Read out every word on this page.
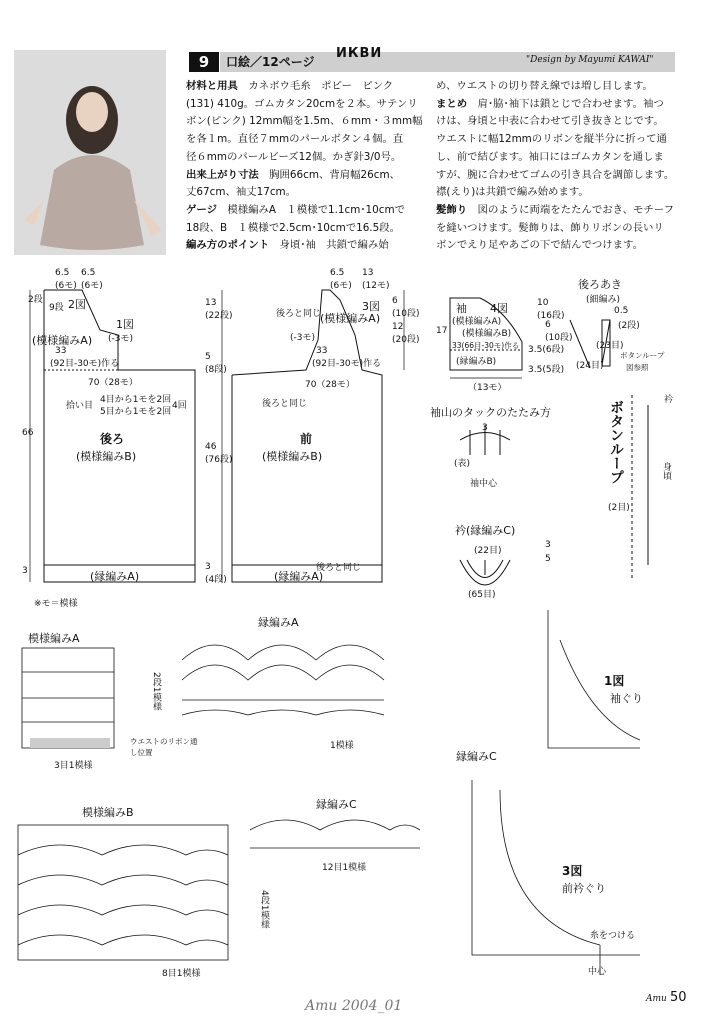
9	口絵／12ページ
ИКВИ	"Design by Mayumi KAWAI"
材料と用具　カネボウ毛糸　ポピー　ピンク
(131) 410g。ゴムカタン20cmを２本。サテンリ
ボン(ピンク) 12mm幅を1.5m、６mm・３mm幅
を各１m。直径７mmのパールボタン４個。直
径６mmのパールビーズ12個。かぎ針3/0号。
出来上がり寸法　胸囲66cm、背肩幅26cm、
丈67cm、袖丈17cm。
ゲージ　模様編みA　１模様で1.1cm･10cmで
18段、B　１模様で2.5cm･10cmで16.5段。
編み方のポイント　身頃･袖　共鎖で編み始
め、ウエストの切り替え線では増し目します。
まとめ　肩･脇･袖下は鎖とじで合わせます。袖つ
けは、身頃と中表に合わせて引き抜きとじです。
ウエストに幅12mmのリボンを縦半分に折って通
し、前で結びます。袖口にはゴムカタンを通しま
すが、腕に合わせてゴムの引き具合を調節します。
襟(えり)は共鎖で編み始めます。
髪飾り　図のように両端をたたんでおき、モチーフ
を縫いつけます。髪飾りは、飾りリボンの長いリ
ボンでえり足やあごの下で結んでつけます。
6.5
(6モ)
6.5
(6モ)
2段
9段 2図
1図
(-3モ)
(模様編みA)
33
(92目-30モ)作る
70（28モ）
拾い目
4目から1モを2回
5目から1モを2回
4回
後ろ
(模様編みB)
66
3	(縁編みA)
6.5
(6モ)
13
(12モ)
後ろと同じ
3図
(-3モ)
(模様編みA)
33
(92目-30モ)作る
70（28モ）
後ろと同じ
前
(模様編みB)
13
(22段)
5
(8段)
46
(76段)
3
(4段)
6
(10段)
12
(20段)
(縁編みA)
後ろと同じ
袖 4図
(模様編みA)
(模様編みB)
33(66目-30モ)作る
(縁編みB)
（13モ）
17
10
(16段)
6
(10段)
3.5(6段)
3.5(5段)
後ろあき
(細編み)
0.5
(2段)
(23目)
(24目)
ボタンループ
図参照
袖山のタックのたたみ方
3
(表)
袖中心
衿(縁編みC)
(22目)
(65目)
3
5
ボタンループ
(2目)
衿
身頃
※モ＝模様
模様編みA
3目1模様
2段1模様
ウエストのリボン通し位置
縁編みA
1模様
模様編みB
8目1模様
4段1模様
縁編みC
12目1模様
1図
袖ぐり
縁編みC
3図
前衿ぐり
糸をつける
中心
Amu 2004_01	Amu 50
